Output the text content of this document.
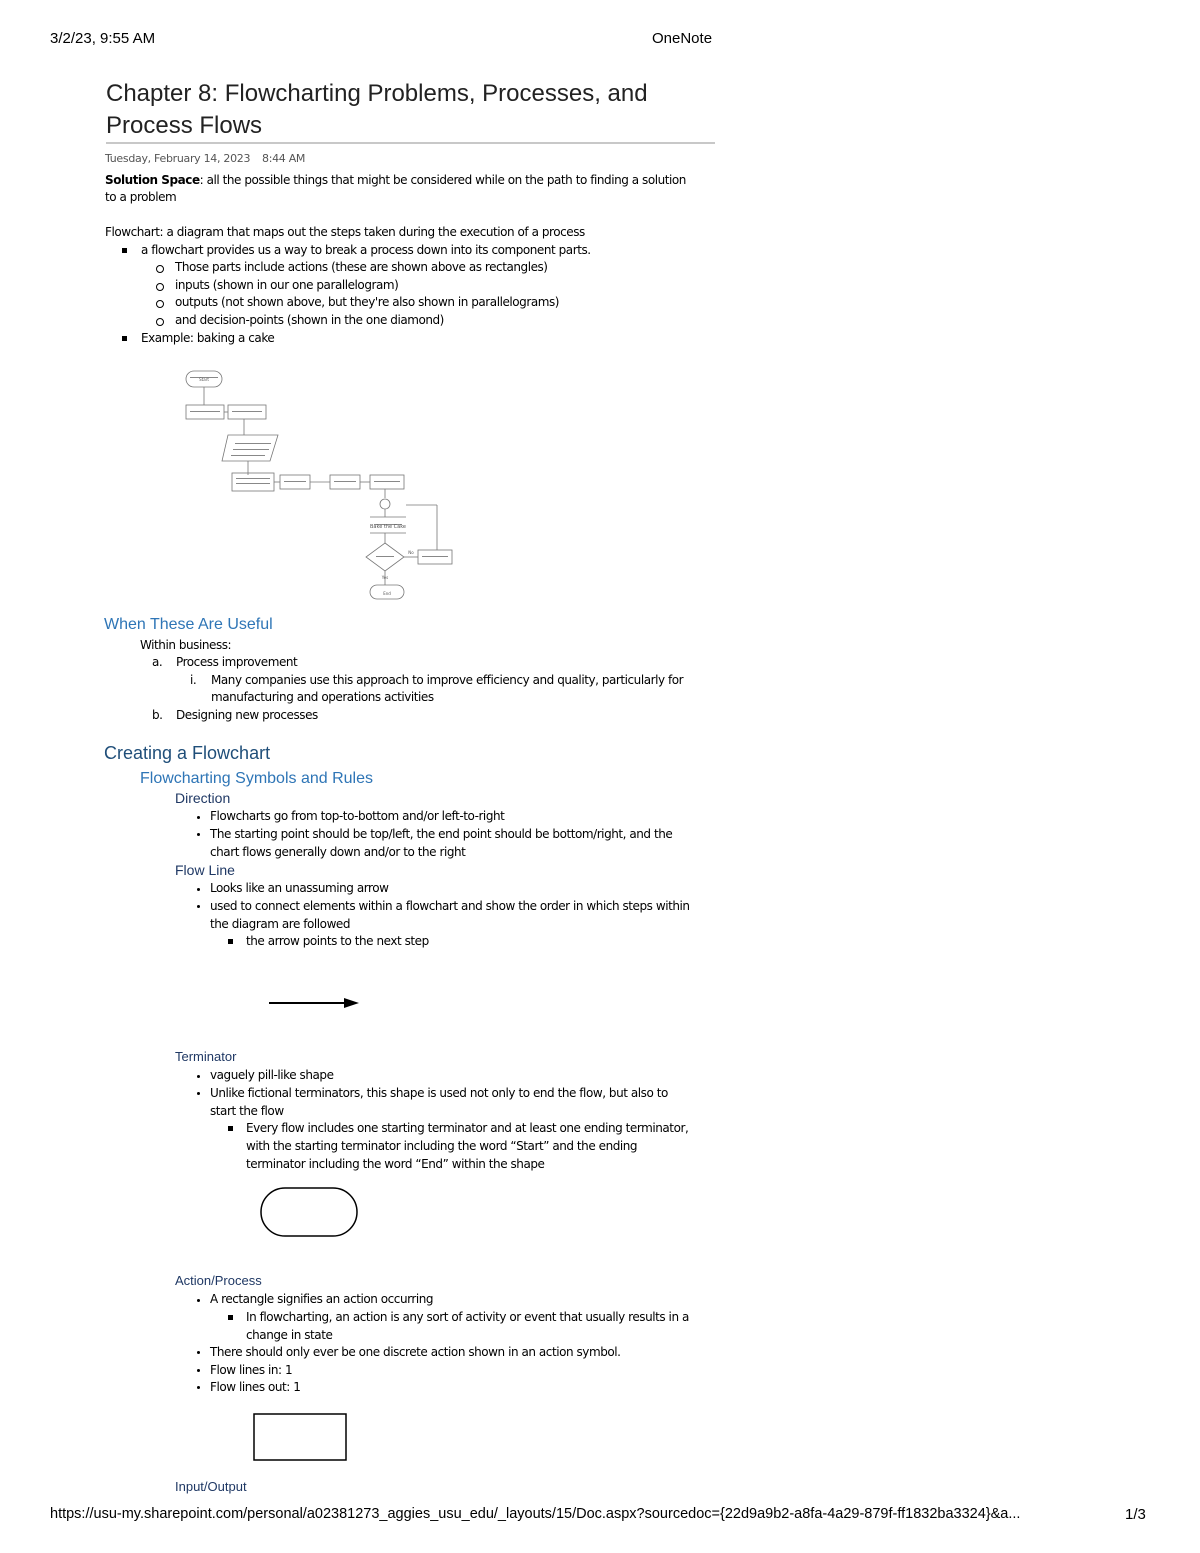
3/2/23, 9:55 AM	OneNote
Chapter 8: Flowcharting Problems, Processes, and
Process Flows
Tuesday, February 14, 2023 8:44 AM
Solution Space: all the possible things that might be considered while on the path to finding a solution
to a problem
Flowchart: a diagram that maps out the steps taken during the execution of a process
a flowchart provides us a way to break a process down into its component parts.
Those parts include actions (these are shown above as rectangles)
inputs (shown in our one parallelogram)
outputs (not shown above, but they're also shown in parallelograms)
and decision-points (shown in the one diamond)
Example: baking a cake
Start
End
Yes
No
Bake the Cake
When These Are Useful
Within business:
a. Process improvement
i. Many companies use this approach to improve efficiency and quality, particularly for
manufacturing and operations activities
b. Designing new processes
Creating a Flowchart
Flowcharting Symbols and Rules
Direction
Flowcharts go from top-to-bottom and/or left-to-right
The starting point should be top/left, the end point should be bottom/right, and the
chart flows generally down and/or to the right
Flow Line
Looks like an unassuming arrow
used to connect elements within a flowchart and show the order in which steps within
the diagram are followed
the arrow points to the next step
Terminator
vaguely pill-like shape
Unlike fictional terminators, this shape is used not only to end the flow, but also to
start the flow
Every flow includes one starting terminator and at least one ending terminator,
with the starting terminator including the word “Start” and the ending
terminator including the word “End” within the shape
Action/Process
A rectangle signifies an action occurring
In flowcharting, an action is any sort of activity or event that usually results in a
change in state
There should only ever be one discrete action shown in an action symbol.
Flow lines in: 1
Flow lines out: 1
Input/Output
https://usu-my.sharepoint.com/personal/a02381273_aggies_usu_edu/_layouts/15/Doc.aspx?sourcedoc={22d9a9b2-a8fa-4a29-879f-ff1832ba3324}&a...	1/3
